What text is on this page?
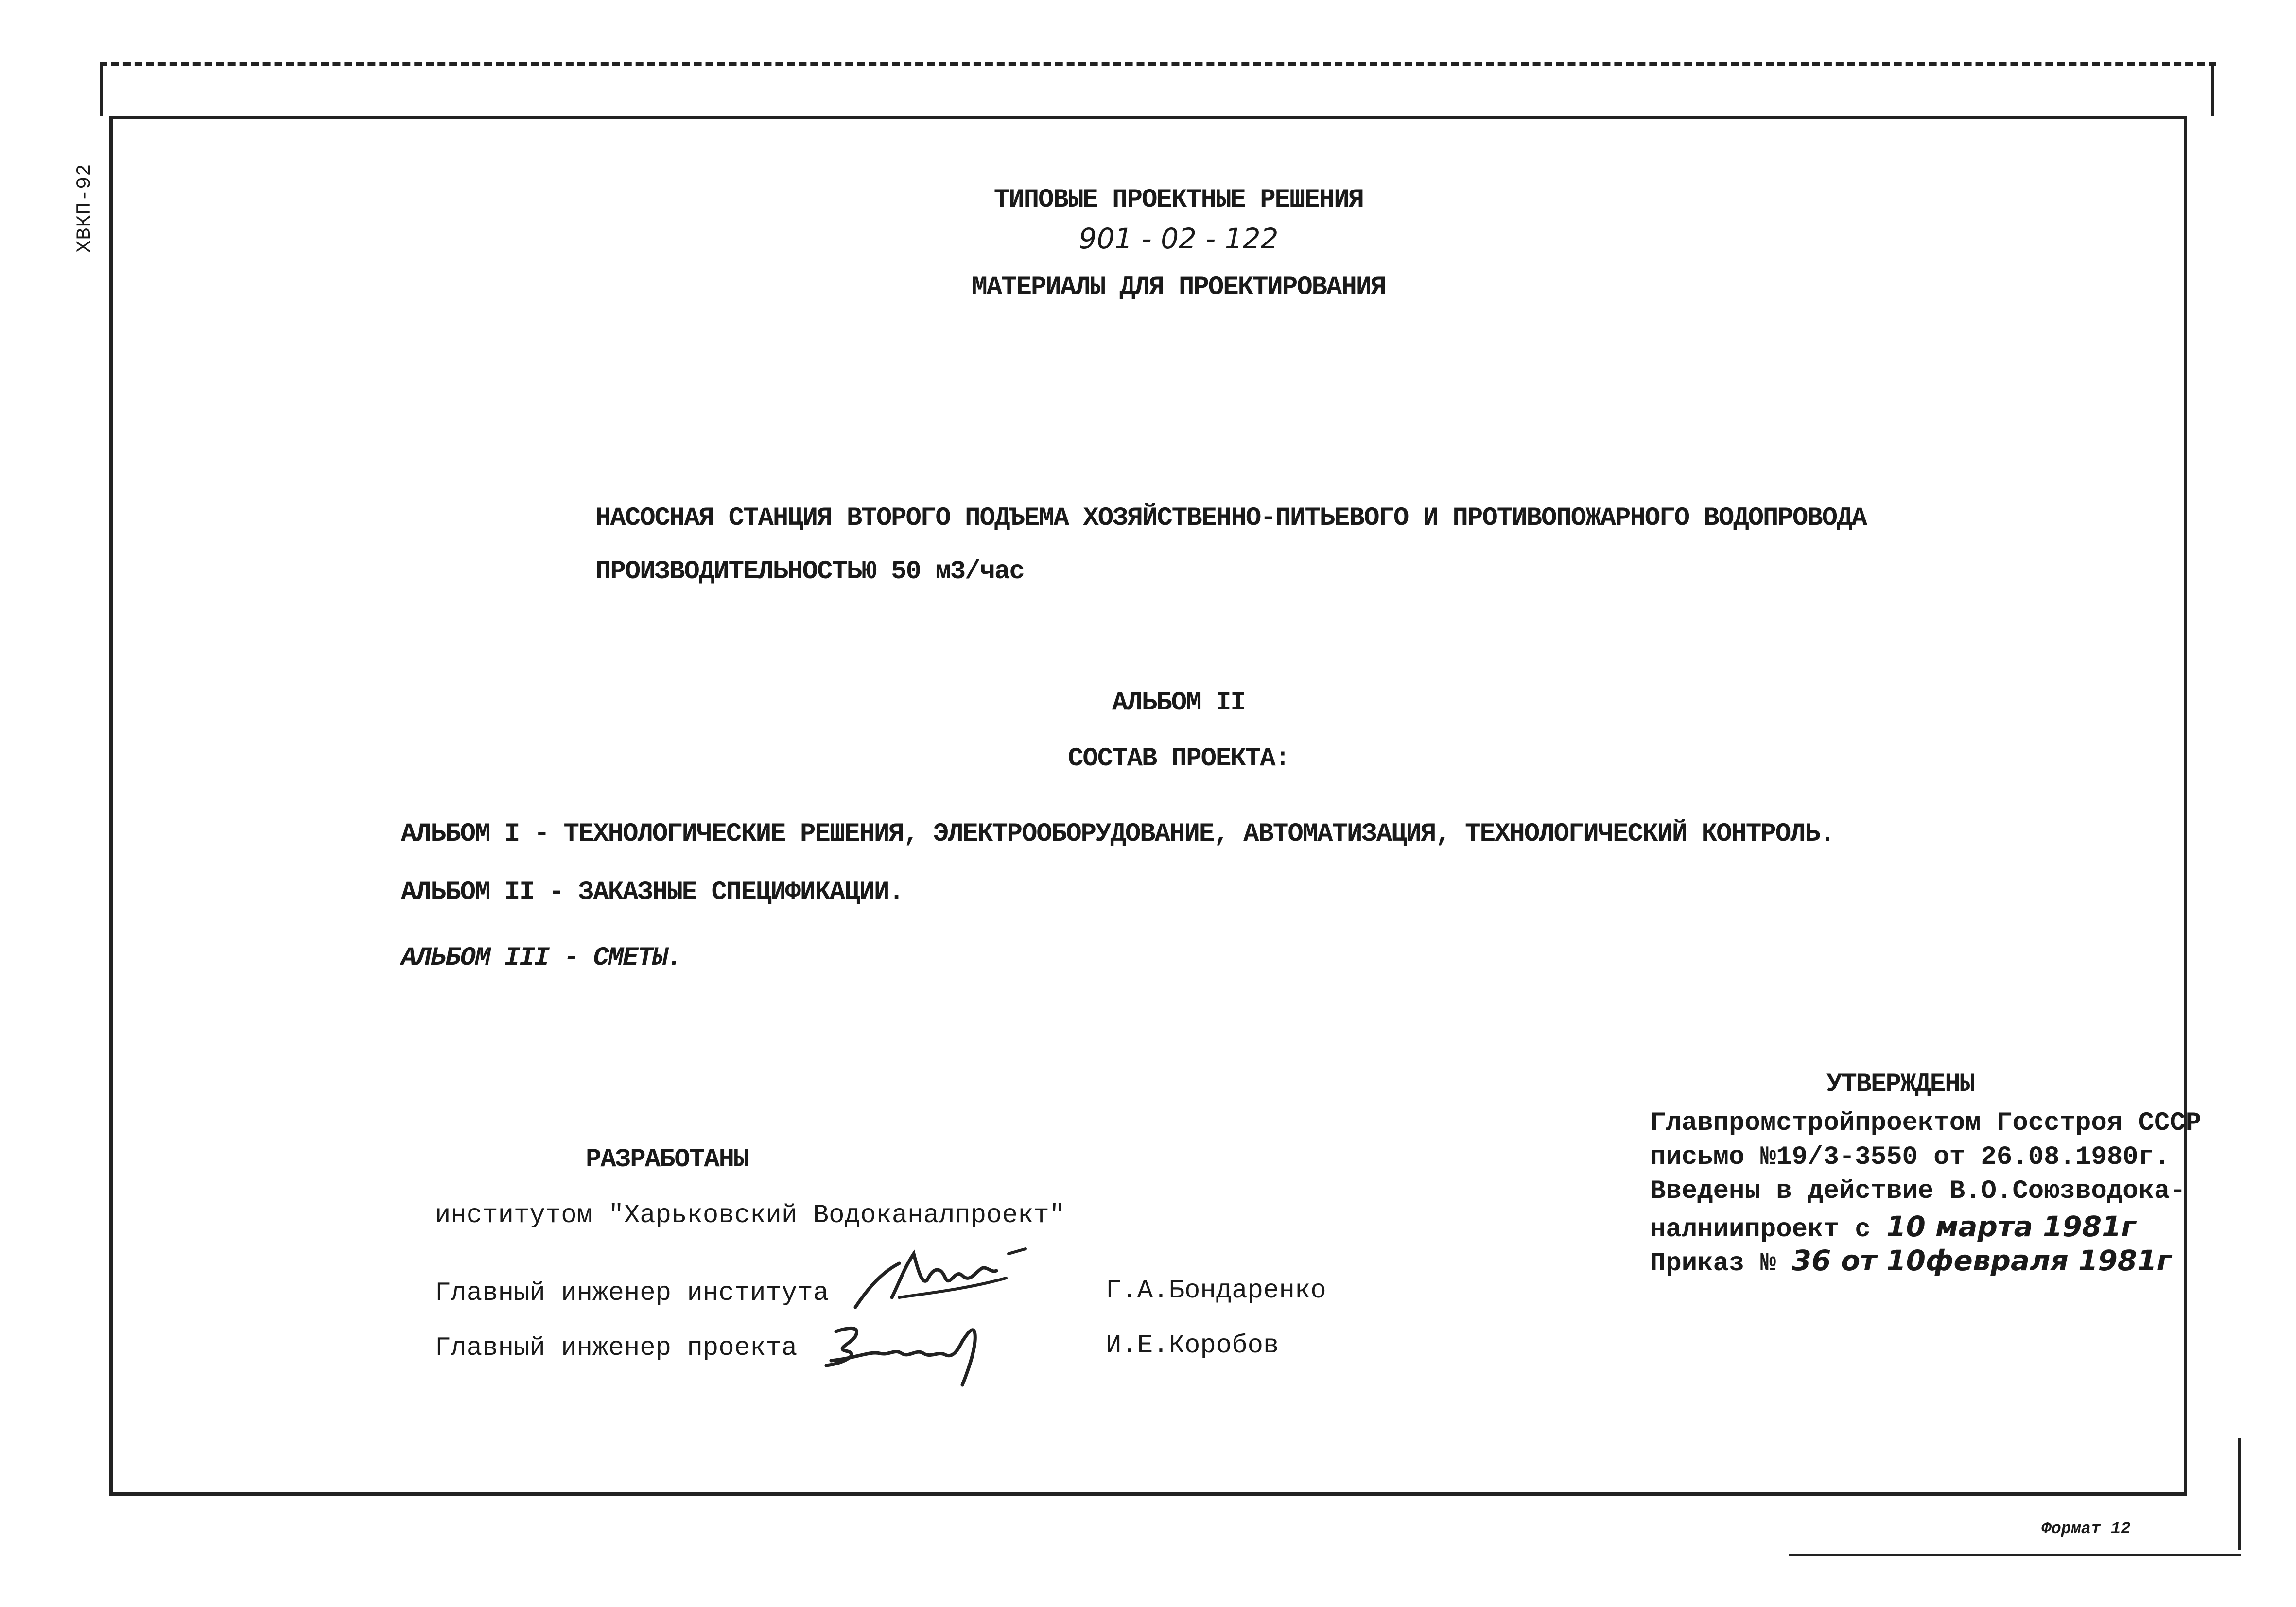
ХВКП-92	ТИПОВЫЕ ПРОЕКТНЫЕ РЕШЕНИЯ
901 - 02 - 122
МАТЕРИАЛЫ ДЛЯ ПРОЕКТИРОВАНИЯ
НАСОСНАЯ СТАНЦИЯ ВТОРОГО ПОДЪЕМА ХОЗЯЙСТВЕННО-ПИТЬЕВОГО И ПРОТИВОПОЖАРНОГО ВОДОПРОВОДА
ПРОИЗВОДИТЕЛЬНОСТЬЮ 50 м3/час
АЛЬБОМ II
СОСТАВ ПРОЕКТА:
АЛЬБОМ I - ТЕХНОЛОГИЧЕСКИЕ РЕШЕНИЯ, ЭЛЕКТРООБОРУДОВАНИЕ, АВТОМАТИЗАЦИЯ, ТЕХНОЛОГИЧЕСКИЙ КОНТРОЛЬ.
АЛЬБОМ II - ЗАКАЗНЫЕ СПЕЦИФИКАЦИИ.
АЛЬБОМ III - СМЕТЫ.
РАЗРАБОТАНЫ
институтом "Харьковский Водоканалпроект"
Главный инженер института	Г.А.Бондаренко
Главный инженер проекта	И.Е.Коробов
УТВЕРЖДЕНЫ
Главпромстройпроектом Госстроя СССР
письмо №19/3-3550 от 26.08.1980г.
Введены в действие В.О.Союзводока-
налниипроект с 10 марта 1981г
Приказ № 36 от 10февраля 1981г
Формат 12
